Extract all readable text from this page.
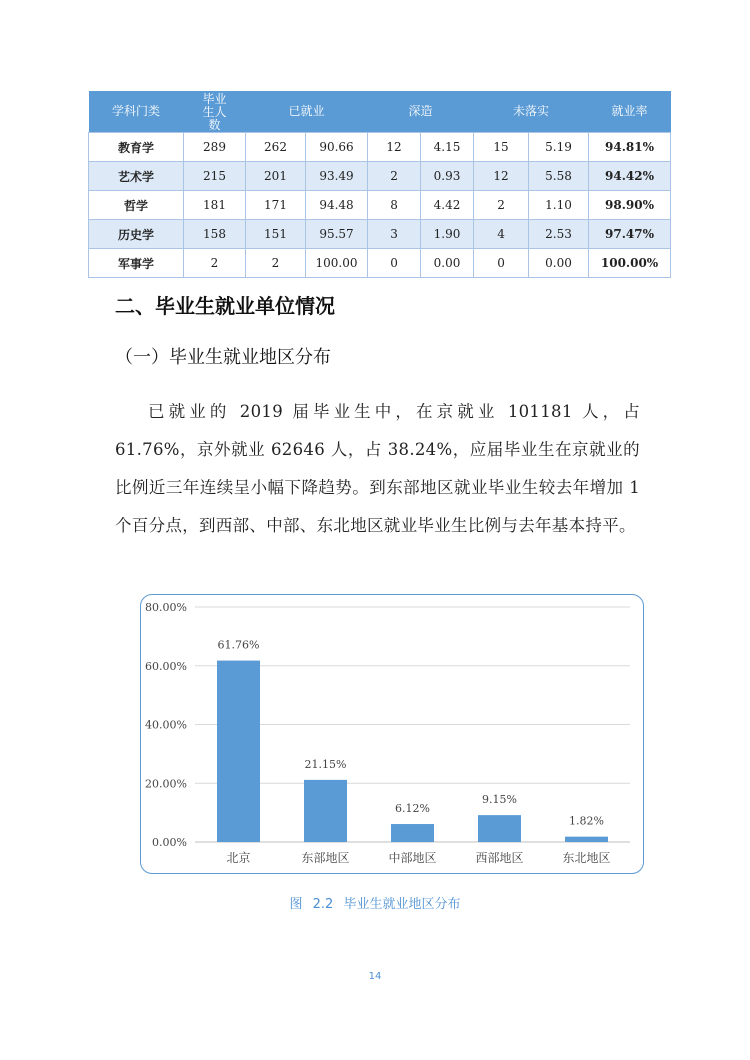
学科门类	毕业生人数	已就业		深造		未落实		就业率
教育学	289	262	90.66	12	4.15	15	5.19	94.81%
艺术学	215	201	93.49	2	0.93	12	5.58	94.42%
哲学	181	171	94.48	8	4.42	2	1.10	98.90%
历史学	158	151	95.57	3	1.90	4	2.53	97.47%
军事学	2	2	100.00	0	0.00	0	0.00	100.00%
二、毕业生就业单位情况
（一）毕业生就业地区分布
已就业的 2019 届毕业生中，在京就业 101181 人，占 61.76%，京外就业 62646 人，占 38.24%，应届毕业生在京就业的比例近三年连续呈小幅下降趋势。到东部地区就业毕业生较去年增加 1 个百分点，到西部、中部、东北地区就业毕业生比例与去年基本持平。
0.00%
20.00%
40.00%
60.00%
80.00%
61.76%
北京
21.15%
东部地区
6.12%
中部地区
9.15%
西部地区
1.82%
东北地区
图 2.2 毕业生就业地区分布
14
